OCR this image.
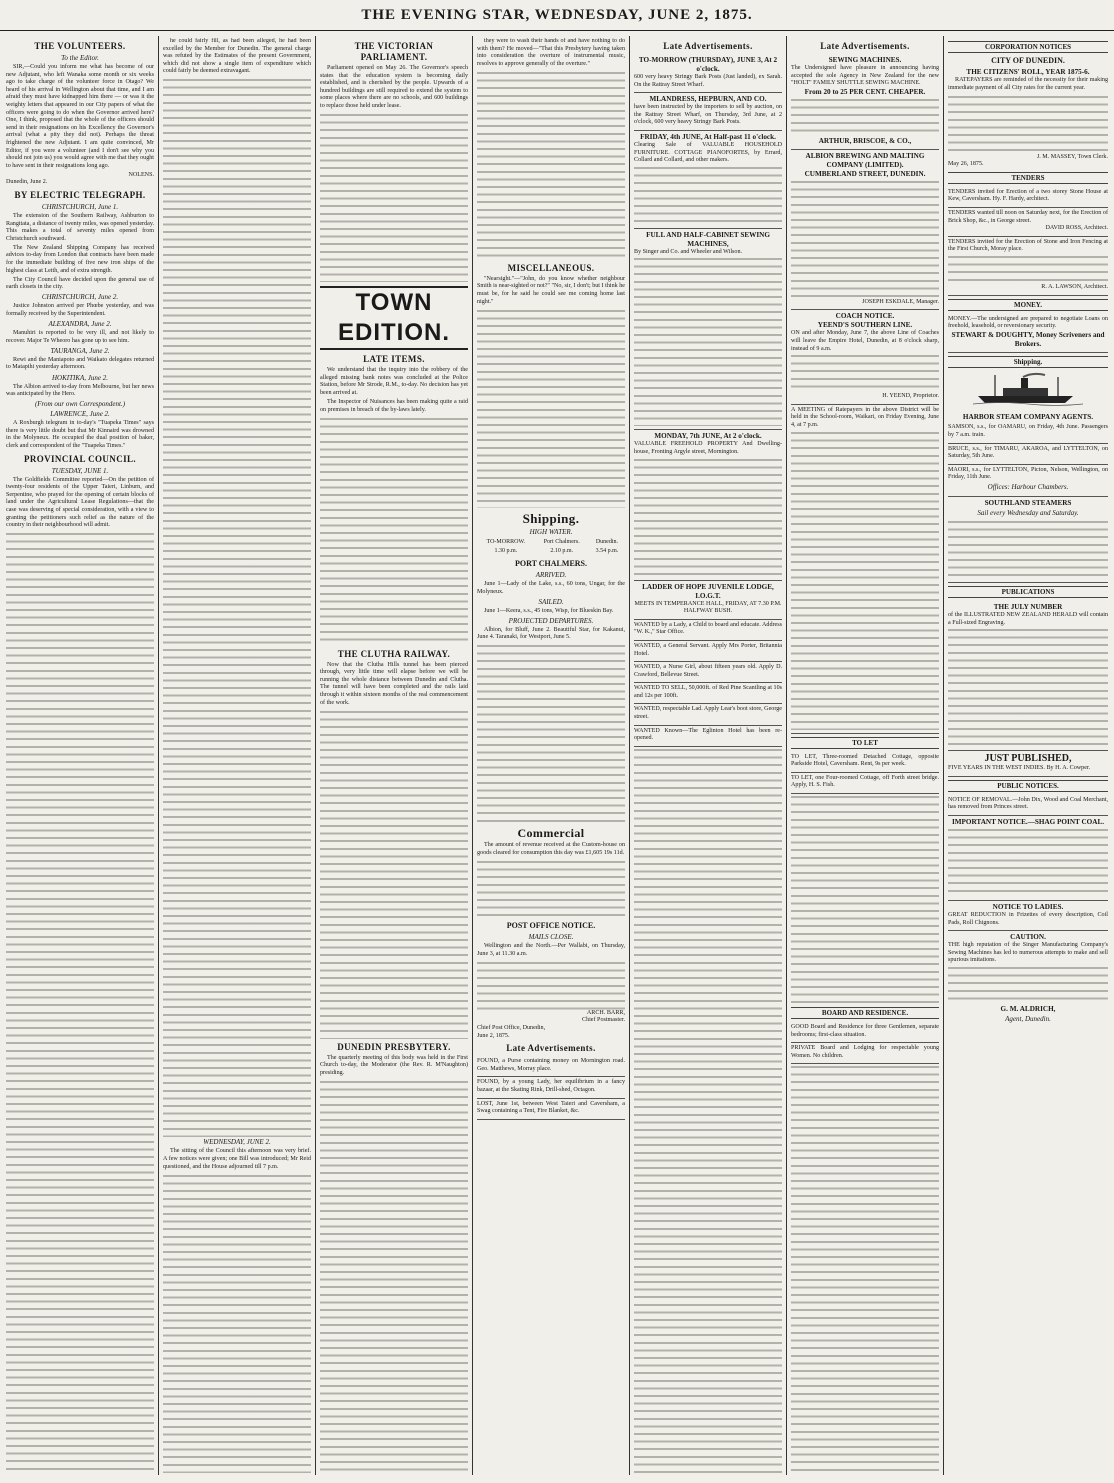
THE EVENING STAR, WEDNESDAY, JUNE 2, 1875.
THE VOLUNTEERS.
To the Editor.

SIR,—Could you inform me what has become of our new Adjutant, who left Wanaka some month or six weeks ago to take charge of the volunteer force in Otago? We heard of his arrival in Wellington about that time, and I am afraid they must have kidnapped him there — or was it the weighty letters that appeared in our City papers of what the officers were going to do when the Governor arrived here? One, I think, proposed that the whole of the officers should send in their resignations on his Excellency the Governor's arrival (what a pity they did not). Perhaps the threat frightened the new Adjutant. I am quite convinced, Mr Editor, if you were a volunteer (and I don't see why you should not join us) you would agree with me that they ought to have sent in their resignations long ago.

NOLENS.
Dunedin, June 2.
BY ELECTRIC TELEGRAPH.
CHRISTCHURCH, June 1.

The extension of the Southern Railway, Ashburton to Rangitata, a distance of twenty miles, was opened yesterday. This makes a total of seventy miles opened from Christchurch southward.

The New Zealand Shipping Company has received advices to-day from London that contracts have been made for the immediate building of five new iron ships of the highest class at Leith, and of extra strength.

The City Council have decided upon the general use of earth closets in the city.

CHRISTCHURCH, June 2.

Justice Johnston arrived per Phœbe yesterday, and was formally received by the Superintendent.

ALEXANDRA, June 2.

Manuhiri is reported to be very ill, and not likely to recover. Major Te Wheoro has gone up to see him.

TAURANGA, June 2.

Rewi and the Maniapoto and Waikato delegates returned to Matapihi yesterday afternoon.

HOKITIKA, June 2.

The Albion arrived to-day from Melbourne, but her news was anticipated by the Hero.

(From our own Correspondent.)
LAWRENCE, June 2.

A Roxburgh telegram in to-day's "Tuapeka Times" says there is very little doubt but that Mr Kinnaird was drowned in the Molyneux. He occupied the dual position of baker, clerk and correspondent of the "Tuapeka Times."

PROVINCIAL COUNCIL.
TUESDAY, JUNE 1.

The Goldfields Committee reported—On the petition of twenty-four residents of the Upper Taieri, Linburn, and Serpentine, who prayed for the opening of certain blocks of land under the Agricultural Lease Regulations—that the case was deserving of special consideration, with a view to granting the petitioners such relief as the nature of the country in their neighbourhood will admit.

he could fairly fill, as had been alleged, he had been excelled by the Member for Dunedin. The general charge was refuted by the Estimates of the present Government, which did not show a single item of expenditure which could fairly be deemed extravagant.

WEDNESDAY, JUNE 2.

The sitting of the Council this afternoon was very brief. A few notices were given; one Bill was introduced; Mr Reid questioned, and the House adjourned till 7 p.m.

THE VICTORIAN PARLIAMENT.

Parliament opened on May 26. The Governor's speech states that the education system is becoming daily established, and is cherished by the people. Upwards of a hundred buildings are still required to extend the system to some places where there are no schools, and 600 buildings to replace those held under lease.

TOWN EDITION.
LATE ITEMS.

We understand that the inquiry into the robbery of the alleged missing bank notes was concluded at the Police Station, before Mr Strode, R.M., to-day. No decision has yet been arrived at.

The Inspector of Nuisances has been making quite a raid on premises in breach of the by-laws lately.

THE CLUTHA RAILWAY.

Now that the Clutha Hills tunnel has been pierced through, very little time will elapse before we will be running the whole distance between Dunedin and Clutha. The tunnel will have been completed and the rails laid through it within sixteen months of the real commencement of the work.

DUNEDIN PRESBYTERY.

The quarterly meeting of this body was held in the First Church to-day, the Moderator (the Rev. R. M'Naughton) presiding.

they were to wash their hands of and have nothing to do with them? He moved—"That this Presbytery having taken into consideration the overture of instrumental music, resolves to approve generally of the overture."

MISCELLANEOUS.

"Nearsight."—"John, do you know whether neighbour Smith is near-sighted or not?" "No, sir, I don't; but I think he must be, for he said he could see me coming home last night."

Shipping.
HIGH WATER.
TO-MORROW.	Port Chalmers.	Dunedin.
1.30 p.m.	2.10 p.m.	3.54 p.m.
PORT CHALMERS.
ARRIVED.

June 1—Lady of the Lake, s.s., 60 tons, Ungar, for the Molyneux.

SAILED.

June 1—Keera, s.s., 45 tons, Wisp, for Blueskin Bay.

PROJECTED DEPARTURES.

Albion, for Bluff, June 2. Beautiful Star, for Kakanui, June 4. Taranaki, for Westport, June 5.

Commercial

The amount of revenue received at the Custom-house on goods cleared for consumption this day was £1,605 19s 11d.

POST OFFICE NOTICE.
MAILS CLOSE.

Wellington and the North.—Per Wallabi, on Thursday, June 3, at 11.30 a.m.

ARCH. BARR,
Chief Postmaster.
Chief Post Office, Dunedin,
June 2, 1875.
Late Advertisements.
FOUND, a Purse containing money on Mornington road. Geo. Matthews, Morray place.
FOUND, by a young Lady, her equilibrium in a fancy bazaar, at the Skating Rink, Drill-shed, Octagon.
LOST, June 1st, between West Taieri and Caversham, a Swag containing a Tent, Fire Blanket, &c.
Late Advertisements.
TO-MORROW (THURSDAY), JUNE 3, At 2 o'clock.
600 very heavy Stringy Bark Posts (Just landed), ex Sarah. On the Rattray Street Wharf.
MLANDRESS, HEPBURN, AND CO.
have been instructed by the importers to sell by auction, on the Rattray Street Wharf, on Thursday, 3rd June, at 2 o'clock, 600 very heavy Stringy Bark Posts.
FRIDAY, 4th JUNE, At Half-past 11 o'clock.
Clearing Sale of VALUABLE HOUSEHOLD FURNITURE. COTTAGE PIANOFORTES, by Errard, Collard and Collard, and other makers.
FULL AND HALF-CABINET SEWING MACHINES,
By Singer and Co. and Wheeler and Wilson.
MONDAY, 7th JUNE, At 2 o'clock.
VALUABLE FREEHOLD PROPERTY And Dwelling-house, Fronting Argyle street, Mornington.
LADDER OF HOPE JUVENILE LODGE, I.O.G.T.
MEETS IN TEMPERANCE HALL, FRIDAY, AT 7.30 P.M. HALFWAY BUSH.
WANTED by a Lady, a Child to board and educate. Address "W. K.," Star Office.
WANTED, a General Servant. Apply Mrs Porter, Britannia Hotel.
WANTED, a Nurse Girl, about fifteen years old. Apply D. Crawford, Bellevue Street.
WANTED TO SELL, 50,000ft. of Red Pine Scantling at 10s and 12s per 100ft.
WANTED, respectable Lad. Apply Lear's boot store, George street.
WANTED Known—The Eglinton Hotel has been re-opened.
Late Advertisements.
SEWING MACHINES.
The Undersigned have pleasure in announcing having accepted the sole Agency in New Zealand for the new "HOLT" FAMILY SHUTTLE SEWING MACHINE.
From 20 to 25 PER CENT. CHEAPER.
ARTHUR, BRISCOE, & CO.,
ALBION BREWING AND MALTING COMPANY (LIMITED).
CUMBERLAND STREET, DUNEDIN.
JOSEPH ESKDALE, Manager.
COACH NOTICE.
YEEND'S SOUTHERN LINE.
ON and after Monday, June 7, the above Line of Coaches will leave the Empire Hotel, Dunedin, at 8 o'clock sharp, instead of 9 a.m.
H. YEEND, Proprietor.
A MEETING of Ratepayers in the above District will be held in the School-room, Waikari, on Friday Evening, June 4, at 7 p.m.
TO LET
TO LET, Three-roomed Detached Cottage, opposite Parkside Hotel, Caversham. Rent, 9s per week.
TO LET, one Four-roomed Cottage, off Forth street bridge. Apply, H. S. Fish.
BOARD AND RESIDENCE.
GOOD Board and Residence for three Gentlemen, separate bedrooms; first-class situation.
PRIVATE Board and Lodging for respectable young Women. No children.
CORPORATION NOTICES
CITY OF DUNEDIN.
THE CITIZENS' ROLL, YEAR 1875-6.

RATEPAYERS are reminded of the necessity for their making immediate payment of all City rates for the current year.

J. M. MASSEY, Town Clerk.
May 26, 1875.
TENDERS
TENDERS invited for Erection of a two storey Stone House at Kew, Caversham. Hy. F. Hardy, architect.
TENDERS wanted till noon on Saturday next, for the Erection of Brick Shop, &c., in George street.
DAVID ROSS, Architect.
TENDERS invited for the Erection of Stone and Iron Fencing at the First Church, Moray place.
R. A. LAWSON, Architect.
MONEY.
MONEY.—The undersigned are prepared to negotiate Loans on freehold, leasehold, or reversionary security.
STEWART & DOUGHTY, Money Scriveners and Brokers.
Shipping.
HARBOR STEAM COMPANY AGENTS.
SAMSON, s.s., for OAMARU, on Friday, 4th June. Passengers by 7 a.m. train.
BRUCE, s.s., for TIMARU, AKAROA, and LYTTELTON, on Saturday, 5th June.
MAORI, s.s., for LYTTELTON, Picton, Nelson, Wellington, on Friday, 11th June.
Offices: Harbour Chambers.
SOUTHLAND STEAMERS
Sail every Wednesday and Saturday.
PUBLICATIONS
THE JULY NUMBER
of the ILLUSTRATED NEW ZEALAND HERALD will contain a Full-sized Engraving.
JUST PUBLISHED,
FIVE YEARS IN THE WEST INDIES. By H. A. Cowper.
PUBLIC NOTICES.
NOTICE OF REMOVAL.—John Dix, Wood and Coal Merchant, has removed from Princes street.
IMPORTANT NOTICE.—SHAG POINT COAL.
NOTICE TO LADIES.
GREAT REDUCTION in Frizettes of every description, Coil Pads, Roll Chignons.
CAUTION.
THE high reputation of the Singer Manufacturing Company's Sewing Machines has led to numerous attempts to make and sell spurious imitations.
G. M. ALDRICH,
Agent, Dunedin.
